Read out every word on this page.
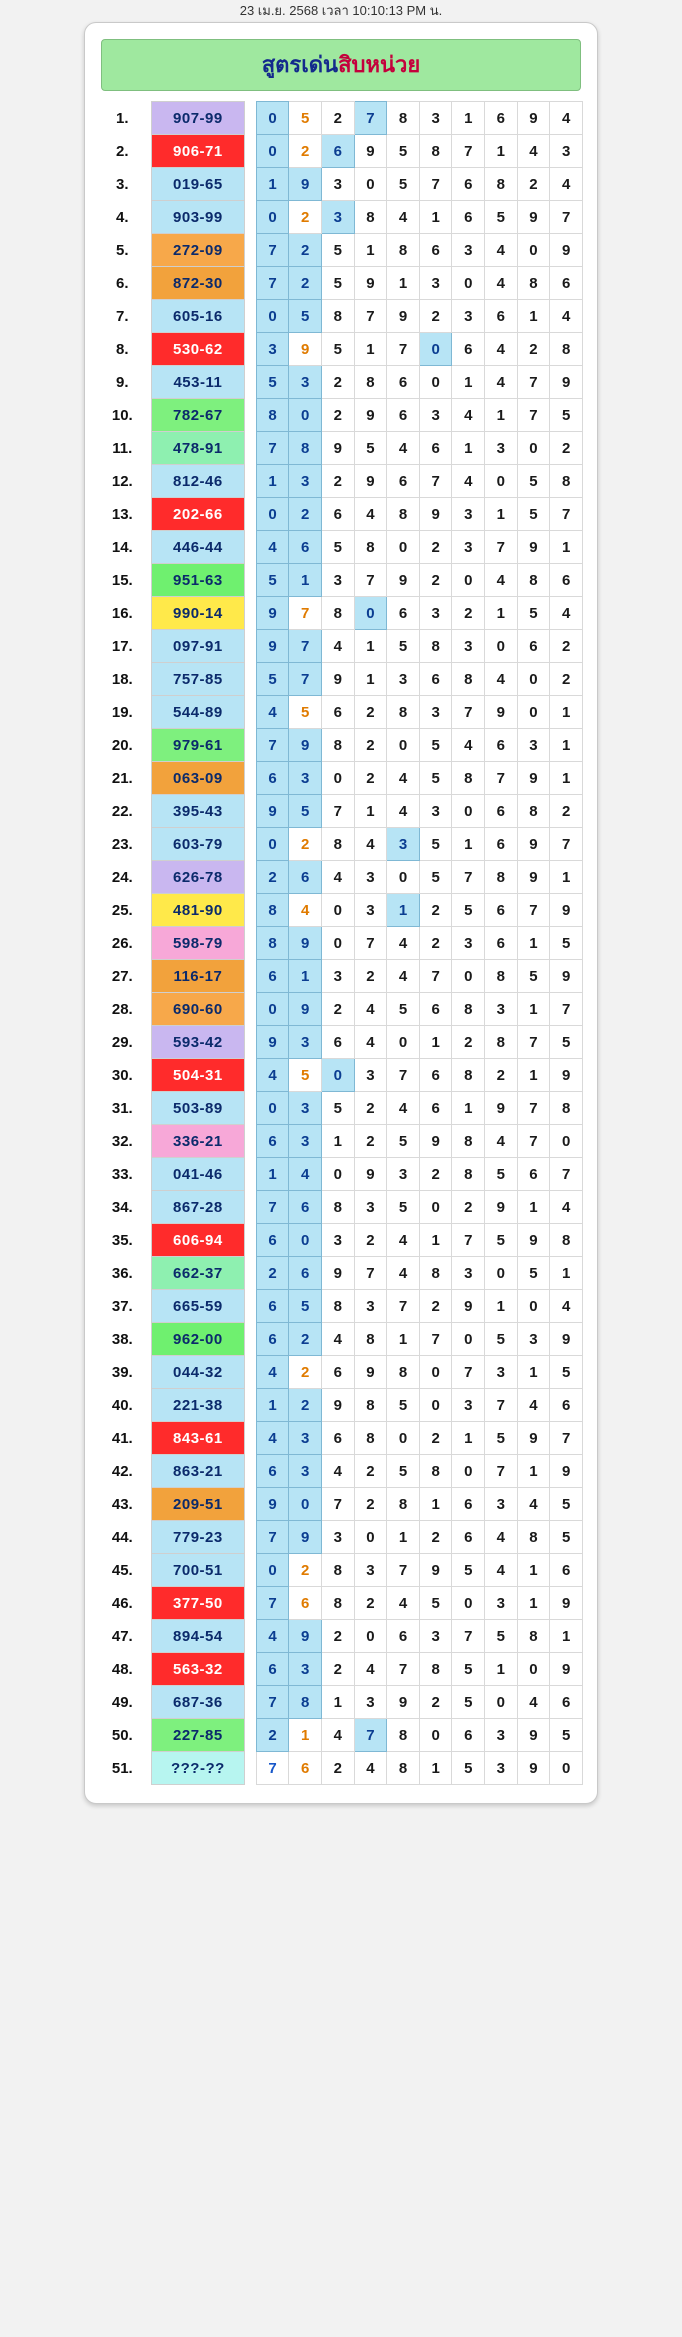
23 เม.ย. 2568 เวลา 10:10:13 PM น.
สูตรเด่นสิบหน่วย
1.	907-99		0	5	2	7	8	3	1	6	9	4
2.	906-71		0	2	6	9	5	8	7	1	4	3
3.	019-65		1	9	3	0	5	7	6	8	2	4
4.	903-99		0	2	3	8	4	1	6	5	9	7
5.	272-09		7	2	5	1	8	6	3	4	0	9
6.	872-30		7	2	5	9	1	3	0	4	8	6
7.	605-16		0	5	8	7	9	2	3	6	1	4
8.	530-62		3	9	5	1	7	0	6	4	2	8
9.	453-11		5	3	2	8	6	0	1	4	7	9
10.	782-67		8	0	2	9	6	3	4	1	7	5
11.	478-91		7	8	9	5	4	6	1	3	0	2
12.	812-46		1	3	2	9	6	7	4	0	5	8
13.	202-66		0	2	6	4	8	9	3	1	5	7
14.	446-44		4	6	5	8	0	2	3	7	9	1
15.	951-63		5	1	3	7	9	2	0	4	8	6
16.	990-14		9	7	8	0	6	3	2	1	5	4
17.	097-91		9	7	4	1	5	8	3	0	6	2
18.	757-85		5	7	9	1	3	6	8	4	0	2
19.	544-89		4	5	6	2	8	3	7	9	0	1
20.	979-61		7	9	8	2	0	5	4	6	3	1
21.	063-09		6	3	0	2	4	5	8	7	9	1
22.	395-43		9	5	7	1	4	3	0	6	8	2
23.	603-79		0	2	8	4	3	5	1	6	9	7
24.	626-78		2	6	4	3	0	5	7	8	9	1
25.	481-90		8	4	0	3	1	2	5	6	7	9
26.	598-79		8	9	0	7	4	2	3	6	1	5
27.	116-17		6	1	3	2	4	7	0	8	5	9
28.	690-60		0	9	2	4	5	6	8	3	1	7
29.	593-42		9	3	6	4	0	1	2	8	7	5
30.	504-31		4	5	0	3	7	6	8	2	1	9
31.	503-89		0	3	5	2	4	6	1	9	7	8
32.	336-21		6	3	1	2	5	9	8	4	7	0
33.	041-46		1	4	0	9	3	2	8	5	6	7
34.	867-28		7	6	8	3	5	0	2	9	1	4
35.	606-94		6	0	3	2	4	1	7	5	9	8
36.	662-37		2	6	9	7	4	8	3	0	5	1
37.	665-59		6	5	8	3	7	2	9	1	0	4
38.	962-00		6	2	4	8	1	7	0	5	3	9
39.	044-32		4	2	6	9	8	0	7	3	1	5
40.	221-38		1	2	9	8	5	0	3	7	4	6
41.	843-61		4	3	6	8	0	2	1	5	9	7
42.	863-21		6	3	4	2	5	8	0	7	1	9
43.	209-51		9	0	7	2	8	1	6	3	4	5
44.	779-23		7	9	3	0	1	2	6	4	8	5
45.	700-51		0	2	8	3	7	9	5	4	1	6
46.	377-50		7	6	8	2	4	5	0	3	1	9
47.	894-54		4	9	2	0	6	3	7	5	8	1
48.	563-32		6	3	2	4	7	8	5	1	0	9
49.	687-36		7	8	1	3	9	2	5	0	4	6
50.	227-85		2	1	4	7	8	0	6	3	9	5
51.	???-??		7	6	2	4	8	1	5	3	9	0
